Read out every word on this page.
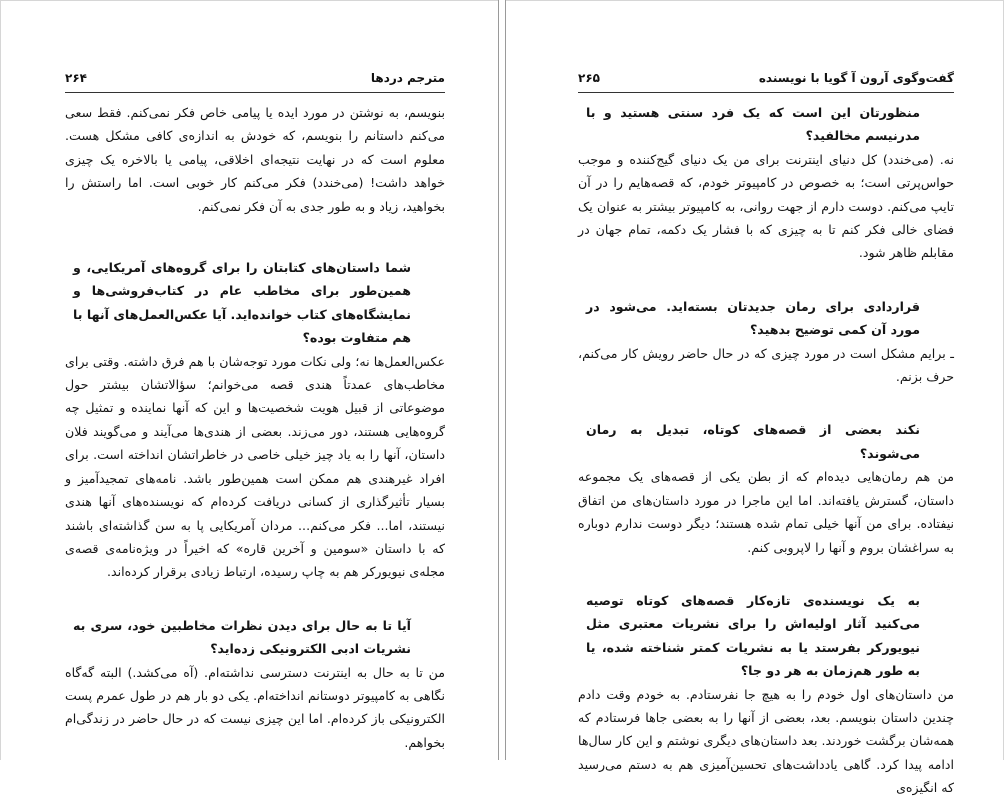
مترجم دردها
۲۶۴

بنویسم، به نوشتن در مورد ایده یا پیامی خاص فکر نمی‌کنم. فقط سعی می‌کنم داستانم را بنویسم، که خودش به اندازه‌ی کافی مشکل هست. معلوم است که در نهایت نتیجه‌ای اخلاقی، پیامی یا بالاخره یک چیزی خواهد داشت! (می‌خندد) فکر می‌کنم کار خوبی است. اما راستش را بخواهید، زیاد و به طور جدی به آن فکر نمی‌کنم.

شما داستان‌های کتابتان را برای گروه‌های آمریکایی، و همین‌طور برای مخاطب عام در کتاب‌فروشی‌ها و نمایشگاه‌های کتاب خوانده‌اید. آیا عکس‌العمل‌های آنها با هم متفاوت بوده؟

عکس‌العمل‌ها نه؛ ولی نکات مورد توجه‌شان با هم فرق داشته. وقتی برای مخاطب‌های عمدتاً هندی قصه می‌خوانم؛ سؤالاتشان بیشتر حول موضوعاتی از قبیل هویت شخصیت‌ها و این که آنها نماینده و تمثیل چه گروه‌هایی هستند، دور می‌زند. بعضی از هندی‌ها می‌آیند و می‌گویند فلان داستان، آنها را به یاد چیز خیلی خاصی در خاطراتشان انداخته است. برای افراد غیرهندی هم ممکن است همین‌طور باشد. نامه‌های تمجیدآمیز و بسیار تأثیرگذاری از کسانی دریافت کرده‌ام که نویسنده‌های آنها هندی نیستند، اما... فکر می‌کنم... مردان آمریکایی پا به سن گذاشته‌ای باشند که با داستان «سومین و آخرین قاره» که اخیراً در ویژه‌نامه‌ی قصه‌ی مجله‌ی نیویورکر هم به چاپ رسیده، ارتباط زیادی برقرار کرده‌اند.

آیا تا به حال برای دیدن نظرات مخاطبین خود، سری به نشریات ادبی الکترونیکی زده‌اید؟

من تا به حال به اینترنت دسترسی نداشته‌ام. (آه می‌کشد.) البته گه‌گاه نگاهی به کامپیوتر دوستانم انداخته‌ام. یکی دو بار هم در طول عمرم پست الکترونیکی باز کرده‌ام. اما این چیزی نیست که در حال حاضر در زندگی‌ام بخواهم.

گفت‌وگوی آرون آ گویا با نویسنده
۲۶۵

منظورتان این است که یک فرد سنتی هستید و با مدرنیسم مخالفید؟

نه. (می‌خندد) کل دنیای اینترنت برای من یک دنیای گیج‌کننده و موجب حواس‌پرتی است؛ به خصوص در کامپیوتر خودم، که قصه‌هایم را در آن تایپ می‌کنم. دوست دارم از جهت روانی، به کامپیوتر بیشتر به عنوان یک فضای خالی فکر کنم تا به چیزی که با فشار یک دکمه، تمام جهان در مقابلم ظاهر شود.

قراردادی برای رمان جدیدتان بسته‌اید. می‌شود در مورد آن کمی توضیح بدهید؟

ـ برایم مشکل است در مورد چیزی که در حال حاضر رویش کار می‌کنم، حرف بزنم.

نکند بعضی از قصه‌های کوتاه، تبدیل به رمان می‌شوند؟

من هم رمان‌هایی دیده‌ام که از بطن یکی از قصه‌های یک مجموعه داستان، گسترش یافته‌اند. اما این ماجرا در مورد داستان‌های من اتفاق نیفتاده. برای من آنها خیلی تمام شده هستند؛ دیگر دوست ندارم دوباره به سراغشان بروم و آنها را لاپروبی کنم.

به یک نویسنده‌ی تازه‌کار قصه‌های کوتاه توصیه می‌کنید آثار اولیه‌اش را برای نشریات معتبری مثل نیویورکر بفرستد یا به نشریات کمتر شناخته شده، یا به طور هم‌زمان به هر دو جا؟

من داستان‌های اول خودم را به هیچ جا نفرستادم. به خودم وقت دادم چندین داستان بنویسم. بعد، بعضی از آنها را به بعضی جاها فرستادم که همه‌شان برگشت خوردند. بعد داستان‌های دیگری نوشتم و این کار سال‌ها ادامه پیدا کرد. گاهی یادداشت‌های تحسین‌آمیزی هم به دستم می‌رسید که انگیزه‌ی
